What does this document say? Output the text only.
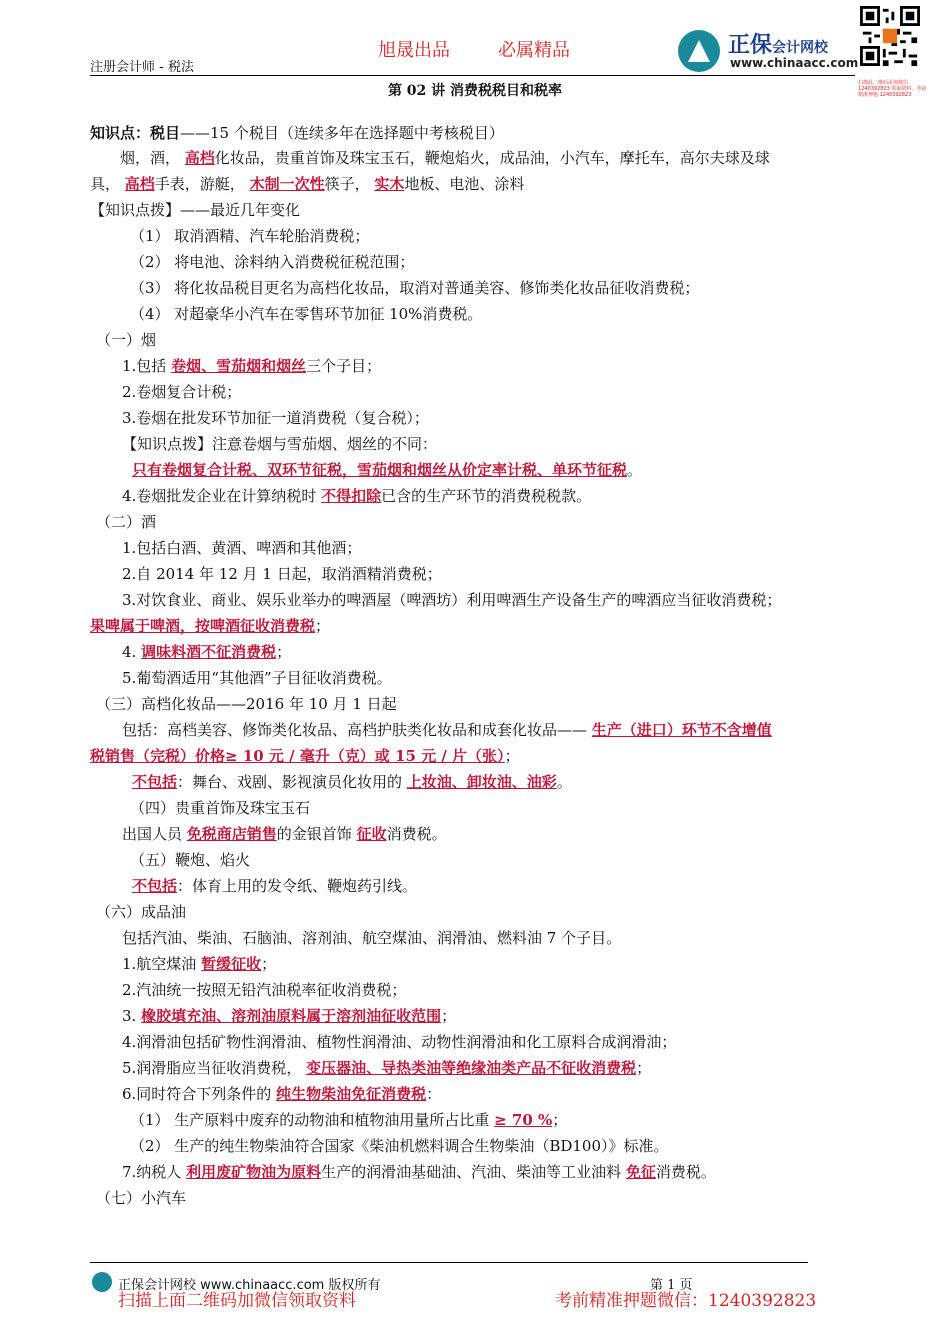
注册会计师 - 税法
旭晟出品	必属精品	正保会计网校
www.chinaacc.com
扫描此二维码添加微信 1240392823 领取资料，考前精准押题 1240392823
第 02 讲 消费税税目和税率
知识点：税目——15 个税目（连续多年在选择题中考核税目）
烟，酒， 高档化妆品，贵重首饰及珠宝玉石，鞭炮焰火，成品油，小汽车，摩托车，高尔夫球及球
具， 高档手表，游艇， 木制一次性筷子， 实木地板、电池、涂料
【知识点拨】——最近几年变化
（1） 取消酒精、汽车轮胎消费税；
（2） 将电池、涂料纳入消费税征税范围；
（3） 将化妆品税目更名为高档化妆品，取消对普通美容、修饰类化妆品征收消费税；
（4） 对超豪华小汽车在零售环节加征 10%消费税。
（一）烟
1.包括 卷烟、雪茄烟和烟丝三个子目；
2.卷烟复合计税；
3.卷烟在批发环节加征一道消费税（复合税）；
【知识点拨】注意卷烟与雪茄烟、烟丝的不同：
只有卷烟复合计税、双环节征税，雪茄烟和烟丝从价定率计税、单环节征税。
4.卷烟批发企业在计算纳税时 不得扣除已含的生产环节的消费税税款。
（二）酒
1.包括白酒、黄酒、啤酒和其他酒；
2.自 2014 年 12 月 1 日起，取消酒精消费税；
3.对饮食业、商业、娱乐业举办的啤酒屋（啤酒坊）利用啤酒生产设备生产的啤酒应当征收消费税；
果啤属于啤酒，按啤酒征收消费税；
4. 调味料酒不征消费税；
5.葡萄酒适用“其他酒”子目征收消费税。
（三）高档化妆品——2016 年 10 月 1 日起
包括：高档美容、修饰类化妆品、高档护肤类化妆品和成套化妆品—— 生产（进口）环节不含增值
税销售（完税）价格≥ 10 元 / 毫升（克）或 15 元 / 片（张）；
不包括：舞台、戏剧、影视演员化妆用的 上妆油、卸妆油、油彩。
（四）贵重首饰及珠宝玉石
出国人员 免税商店销售的金银首饰 征收消费税。
（五）鞭炮、焰火
不包括：体育上用的发令纸、鞭炮药引线。
（六）成品油
包括汽油、柴油、石脑油、溶剂油、航空煤油、润滑油、燃料油 7 个子目。
1.航空煤油 暂缓征收；
2.汽油统一按照无铅汽油税率征收消费税；
3. 橡胶填充油、溶剂油原料属于溶剂油征收范围；
4.润滑油包括矿物性润滑油、植物性润滑油、动物性润滑油和化工原料合成润滑油；
5.润滑脂应当征收消费税， 变压器油、导热类油等绝缘油类产品不征收消费税；
6.同时符合下列条件的 纯生物柴油免征消费税：
（1） 生产原料中废弃的动物油和植物油用量所占比重 ≥ 70 %；
（2） 生产的纯生物柴油符合国家《柴油机燃料调合生物柴油（BD100）》标准。
7.纳税人 利用废矿物油为原料生产的润滑油基础油、汽油、柴油等工业油料 免征消费税。
（七）小汽车
正保会计网校 www.chinaacc.com 版权所有	第 1 页
扫描上面二维码加微信领取资料	考前精准押题微信：1240392823
